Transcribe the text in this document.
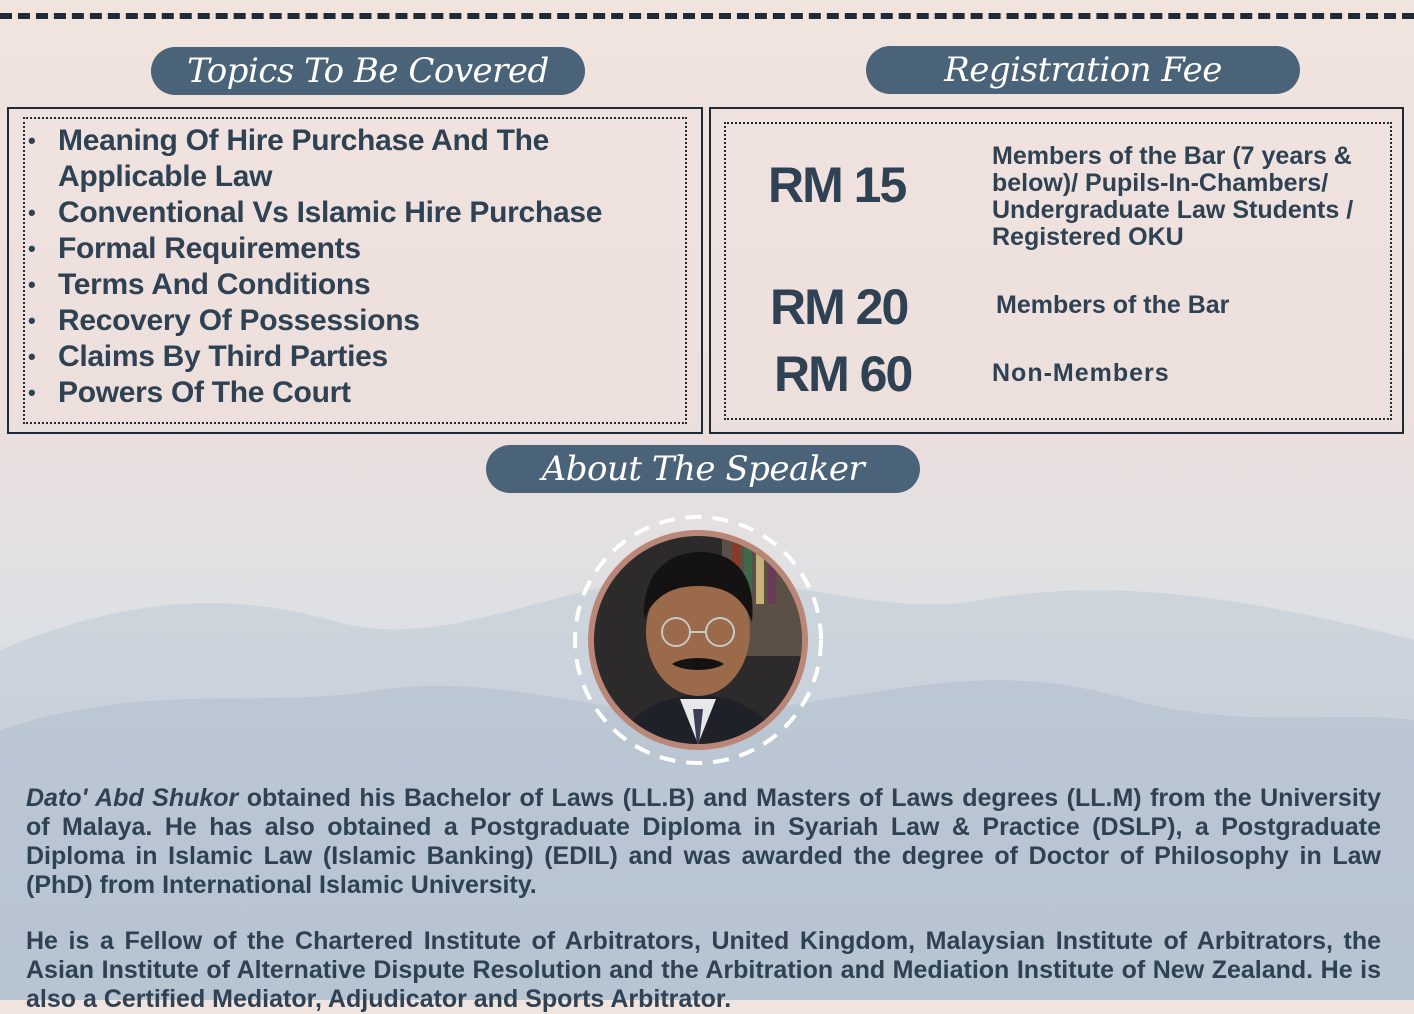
Topics To Be Covered	Registration Fee
• Meaning Of Hire Purchase And The Applicable Law
• Conventional Vs Islamic Hire Purchase
• Formal Requirements
• Terms And Conditions
• Recovery Of Possessions
• Claims By Third Parties
• Powers Of The Court
RM 15
Members of the Bar (7 years & below)/ Pupils-In-Chambers/ Undergraduate Law Students / Registered OKU
RM 20	Members of the Bar
RM 60	Non-Members
About The Speaker

Dato' Abd Shukor obtained his Bachelor of Laws (LL.B) and Masters of Laws degrees (LL.M) from the University of Malaya. He has also obtained a Postgraduate Diploma in Syariah Law & Practice (DSLP), a Postgraduate Diploma in Islamic Law (Islamic Banking) (EDIL) and was awarded the degree of Doctor of Philosophy in Law (PhD) from International Islamic University.

He is a Fellow of the Chartered Institute of Arbitrators, United Kingdom, Malaysian Institute of Arbitrators, the Asian Institute of Alternative Dispute Resolution and the Arbitration and Mediation Institute of New Zealand. He is also a Certified Mediator, Adjudicator and Sports Arbitrator.
